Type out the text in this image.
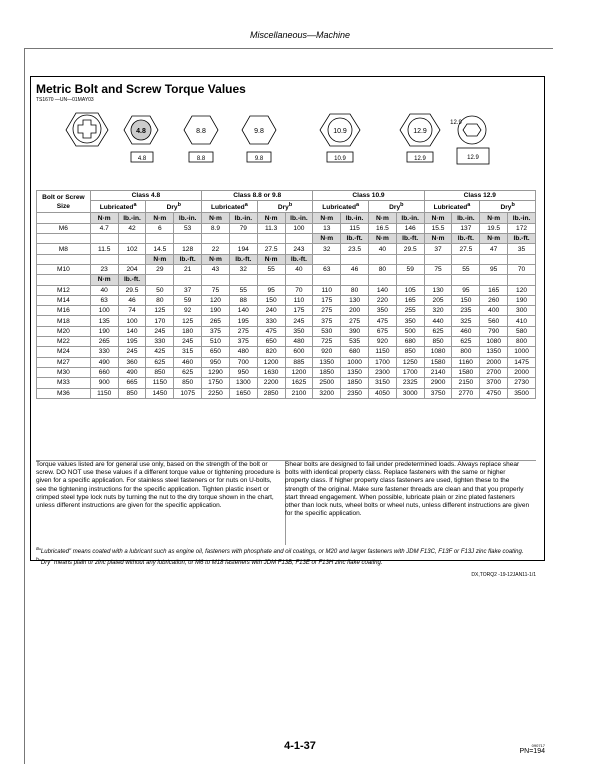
Miscellaneous—Machine
Metric Bolt and Screw Torque Values
TS1670 —UN—01MAY03
4.8
4.8
8.8
8.8
9.8
9.8
10.9
10.9
12.9
12.9
12.9
12.9
Bolt or Screw
Size	Class 4.8				Class 8.8 or 9.8				Class 10.9				Class 12.9			
	Lubricated$^a$		Dry$^b$		Lubricated$^a$		Dry$^b$		Lubricated$^a$		Dry$^b$		Lubricated$^a$		Dry$^b$
	N·m	lb.-in.	N·m	lb.-in.	N·m	lb.-in.	N·m	lb.-in.	N·m	lb.-in.	N·m	lb.-in.	N·m	lb.-in.	N·m	lb.-in.
M6	4.7	42	6	53	8.9	79	11.3	100	13	115	16.5	146	15.5	137	19.5	172
									N·m	lb.-ft.	N·m	lb.-ft.	N·m	lb.-ft.	N·m	lb.-ft.
M8	11.5	102	14.5	128	22	194	27.5	243	32	23.5	40	29.5	37	27.5	47	35
			N·m	lb.-ft.	N·m	lb.-ft.	N·m	lb.-ft.								
M10	23	204	29	21	43	32	55	40	63	46	80	59	75	55	95	70
	N·m	lb.-ft.														
M12	40	29.5	50	37	75	55	95	70	110	80	140	105	130	95	165	120
M14	63	46	80	59	120	88	150	110	175	130	220	165	205	150	260	190
M16	100	74	125	92	190	140	240	175	275	200	350	255	320	235	400	300
M18	135	100	170	125	265	195	330	245	375	275	475	350	440	325	560	410
M20	190	140	245	180	375	275	475	350	530	390	675	500	625	460	790	580
M22	265	195	330	245	510	375	650	480	725	535	920	680	850	625	1080	800
M24	330	245	425	315	650	480	820	600	920	680	1150	850	1080	800	1350	1000
M27	490	360	625	460	950	700	1200	885	1350	1000	1700	1250	1580	1160	2000	1475
M30	660	490	850	625	1290	950	1630	1200	1850	1350	2300	1700	2140	1580	2700	2000
M33	900	665	1150	850	1750	1300	2200	1625	2500	1850	3150	2325	2900	2150	3700	2730
M36	1150	850	1450	1075	2250	1650	2850	2100	3200	2350	4050	3000	3750	2770	4750	3500
Torque values listed are for general use only, based on the strength of the bolt or screw. DO NOT use these values if a different torque value or tightening procedure is given for a specific application. For stainless steel fasteners or for nuts on U-bolts, see the tightening instructions for the specific application. Tighten plastic insert or crimped steel type lock nuts by turning the nut to the dry torque shown in the chart, unless different instructions are given for the specific application.
Shear bolts are designed to fail under predetermined loads. Always replace shear bolts with identical property class. Replace fasteners with the same or higher property class. If higher property class fasteners are used, tighten these to the strength of the original. Make sure fastener threads are clean and that you properly start thread engagement. When possible, lubricate plain or zinc plated fasteners other than lock nuts, wheel bolts or wheel nuts, unless different instructions are given for the specific application.
$^a$"Lubricated" means coated with a lubricant such as engine oil, fasteners with phosphate and oil coatings, or M20 and larger fasteners with JDM F13C, F13F or F13J zinc flake coating.
$^b$"Dry" means plain or zinc plated without any lubrication, or M6 to M18 fasteners with JDM F13B, F13E or F13H zinc flake coating.
DX,TORQ2 -19-12JAN11-1/1
4-1-37	090717
PN=194
